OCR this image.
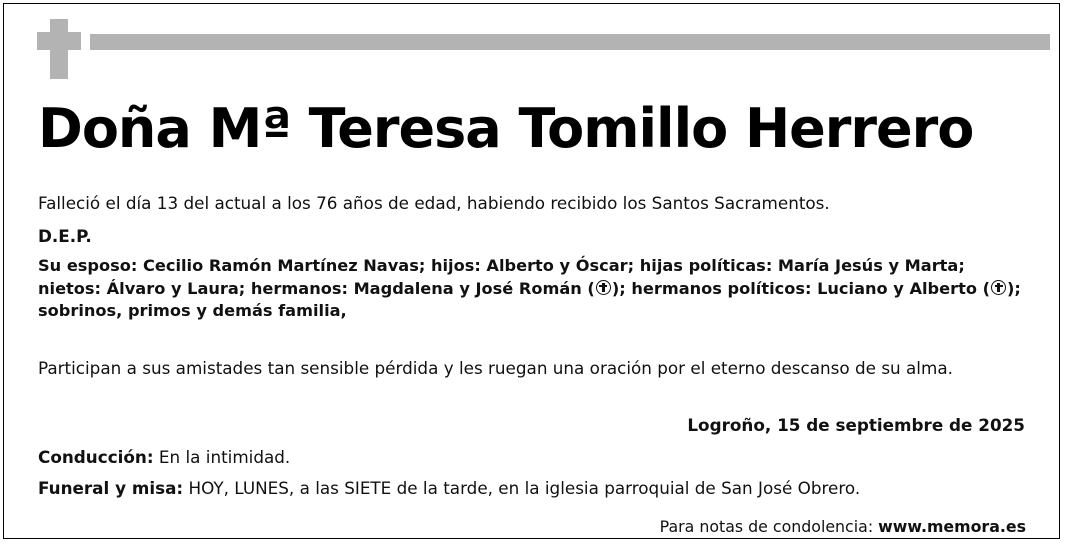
Doña Mª Teresa Tomillo Herrero
Falleció el día 13 del actual a los 76 años de edad, habiendo recibido los Santos Sacramentos.
D.E.P.
Su esposo: Cecilio Ramón Martínez Navas; hijos: Alberto y Óscar; hijas políticas: María Jesús y Marta;
nietos: Álvaro y Laura; hermanos: Magdalena y José Román ( ); hermanos políticos: Luciano y Alberto ( );
sobrinos, primos y demás familia,
Participan a sus amistades tan sensible pérdida y les ruegan una oración por el eterno descanso de su alma.
Logroño, 15 de septiembre de 2025
Conducción: En la intimidad.
Funeral y misa: HOY, LUNES, a las SIETE de la tarde, en la iglesia parroquial de San José Obrero.
Para notas de condolencia: www.memora.es
